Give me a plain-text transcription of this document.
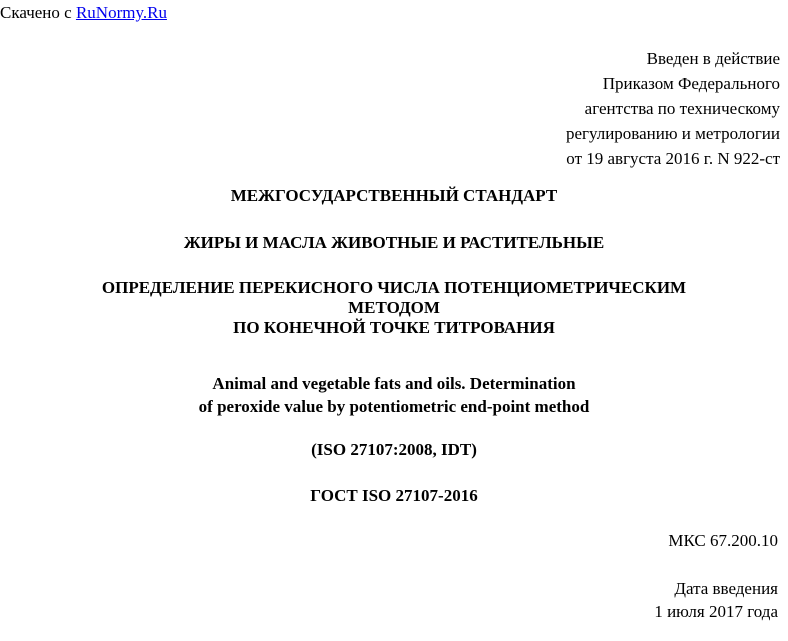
Скачено с RuNormy.Ru
Введен в действие
Приказом Федерального
агентства по техническому
регулированию и метрологии
от 19 августа 2016 г. N 922-ст
МЕЖГОСУДАРСТВЕННЫЙ СТАНДАРТ
ЖИРЫ И МАСЛА ЖИВОТНЫЕ И РАСТИТЕЛЬНЫЕ
ОПРЕДЕЛЕНИЕ ПЕРЕКИСНОГО ЧИСЛА ПОТЕНЦИОМЕТРИЧЕСКИМ
МЕТОДОМ
ПО КОНЕЧНОЙ ТОЧКЕ ТИТРОВАНИЯ
Animal and vegetable fats and oils. Determination
of peroxide value by potentiometric end-point method
(ISO 27107:2008, IDT)
ГОСТ ISO 27107-2016
МКС 67.200.10
Дата введения
1 июля 2017 года
